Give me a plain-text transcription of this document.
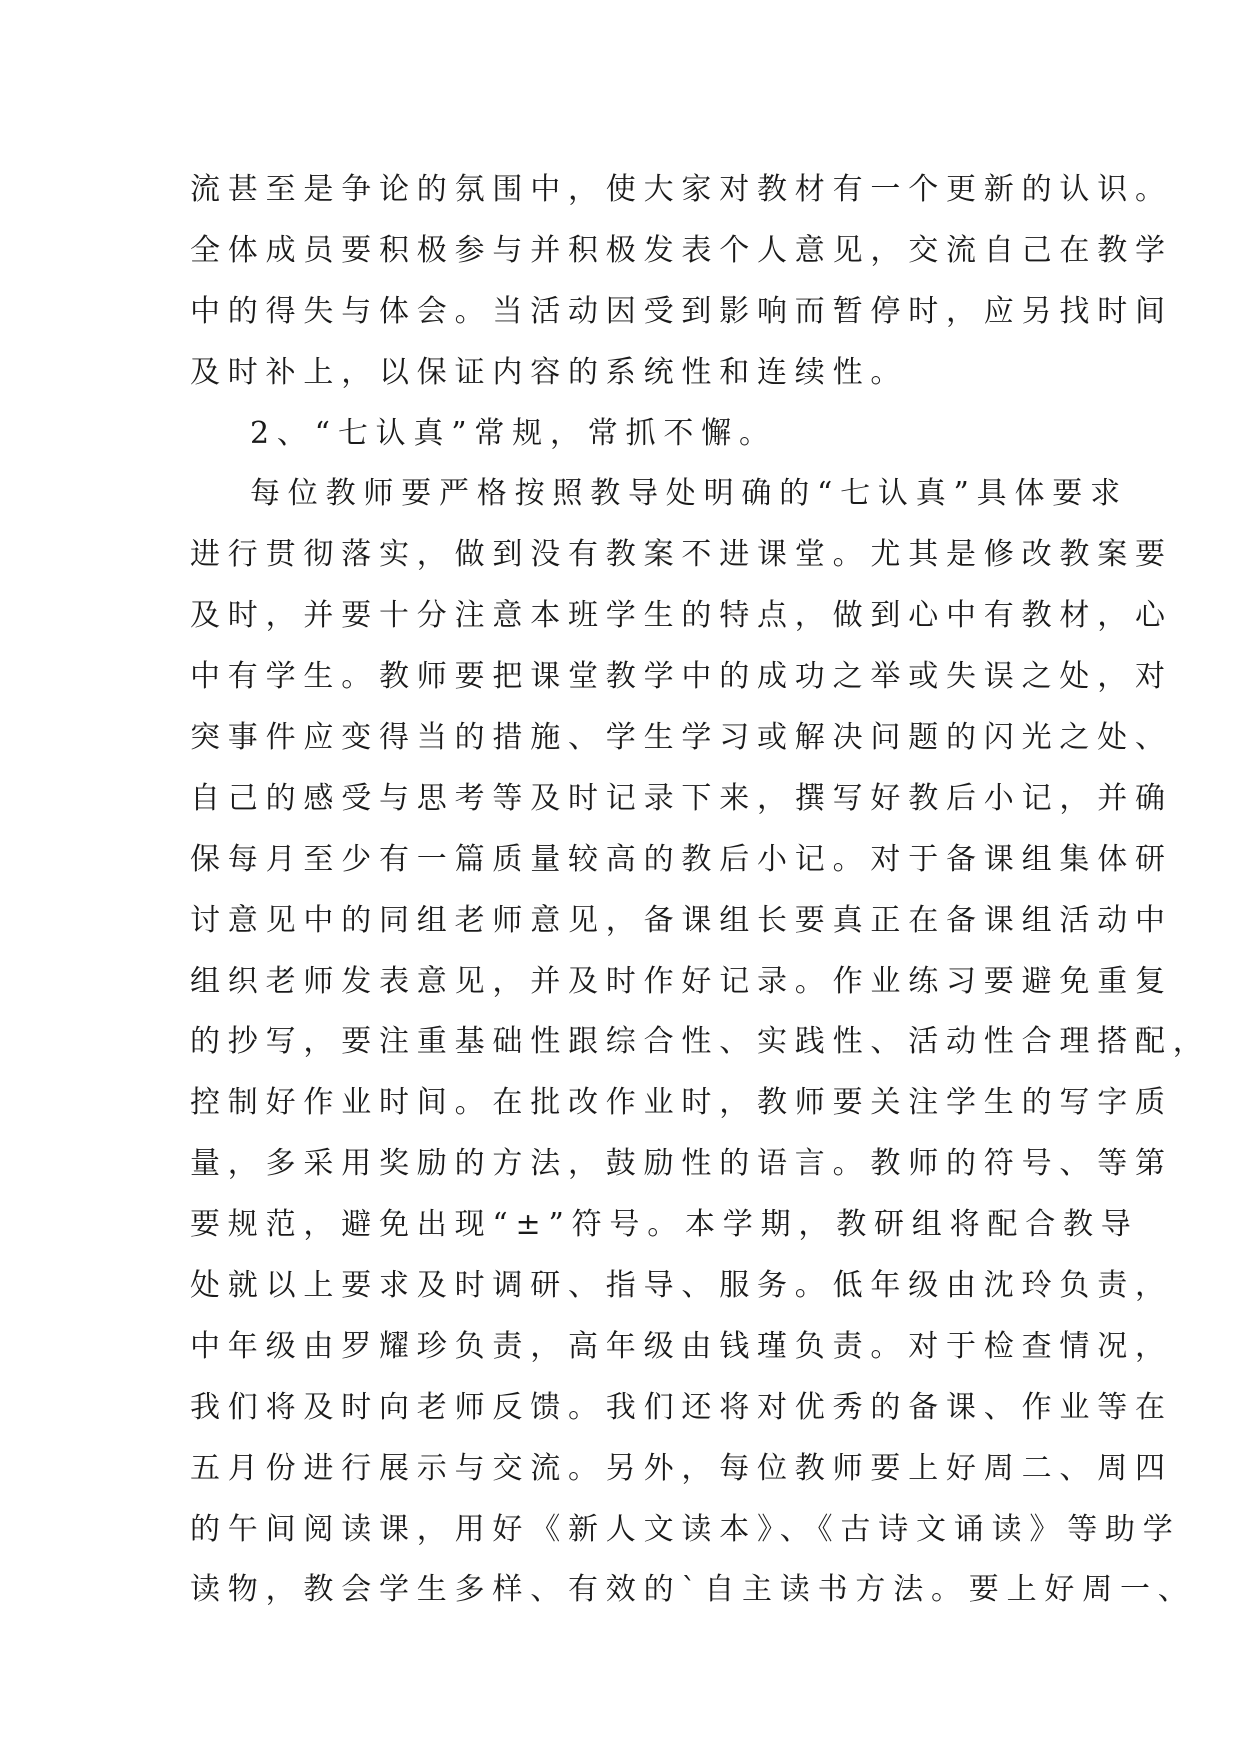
流甚至是争论的氛围中，使大家对教材有一个更新的认识。
全体成员要积极参与并积极发表个人意见，交流自己在教学
中的得失与体会。当活动因受到影响而暂停时，应另找时间
及时补上，以保证内容的系统性和连续性。
2、“七认真”常规，常抓不懈。
每位教师要严格按照教导处明确的“七认真”具体要求
进行贯彻落实，做到没有教案不进课堂。尤其是修改教案要
及时，并要十分注意本班学生的特点，做到心中有教材，心
中有学生。教师要把课堂教学中的成功之举或失误之处，对
突事件应变得当的措施、学生学习或解决问题的闪光之处、
自己的感受与思考等及时记录下来，撰写好教后小记，并确
保每月至少有一篇质量较高的教后小记。对于备课组集体研
讨意见中的同组老师意见，备课组长要真正在备课组活动中
组织老师发表意见，并及时作好记录。作业练习要避免重复
的抄写，要注重基础性跟综合性、实践性、活动性合理搭配，
控制好作业时间。在批改作业时，教师要关注学生的写字质
量，多采用奖励的方法，鼓励性的语言。教师的符号、等第
要规范，避免出现“±”符号。本学期，教研组将配合教导
处就以上要求及时调研、指导、服务。低年级由沈玲负责，
中年级由罗耀珍负责，高年级由钱瑾负责。对于检查情况，
我们将及时向老师反馈。我们还将对优秀的备课、作业等在
五月份进行展示与交流。另外，每位教师要上好周二、周四
的午间阅读课，用好《新人文读本》、《古诗文诵读》等助学
读物，教会学生多样、有效的`自主读书方法。要上好周一、
